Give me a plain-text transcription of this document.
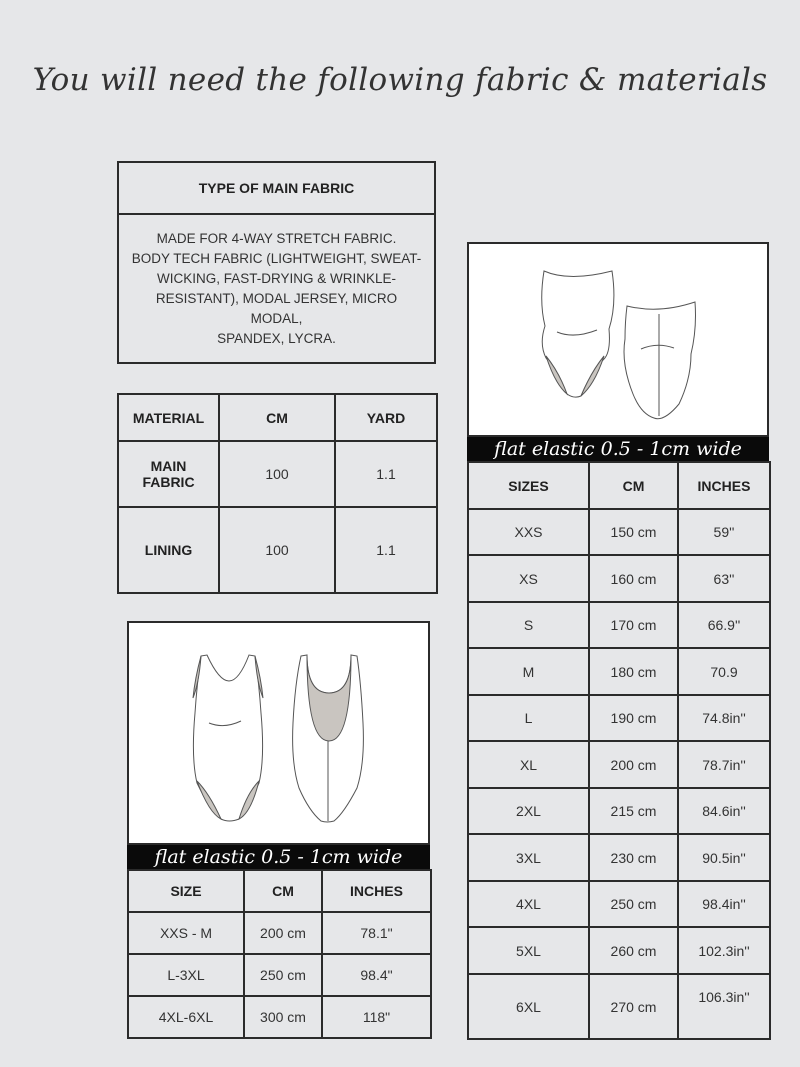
You will need the following fabric & materials
TYPE OF MAIN FABRIC

MADE FOR 4-WAY STRETCH FABRIC.
BODY TECH FABRIC (LIGHTWEIGHT, SWEAT-
WICKING, FAST-DRYING & WRINKLE-
RESISTANT), MODAL JERSEY, MICRO MODAL,
SPANDEX, LYCRA.
MATERIAL	CM	YARD

MAIN
FABRIC	100	1.1
LINING	100	1.1
flat elastic 0.5 - 1cm wide
SIZE	CM	INCHES
XXS - M	200 cm	78.1"
L-3XL	250 cm	98.4"
4XL-6XL	300 cm	118"
flat elastic 0.5 - 1cm wide
SIZES	CM	INCHES
XXS	150 cm	59''
XS	160 cm	63''
S	170 cm	66.9''
M	180 cm	70.9
L	190 cm	74.8in''
XL	200 cm	78.7in''
2XL	215 cm	84.6in''
3XL	230 cm	90.5in''
4XL	250 cm	98.4in''
5XL	260 cm	102.3in''
6XL	270 cm	106.3in''
